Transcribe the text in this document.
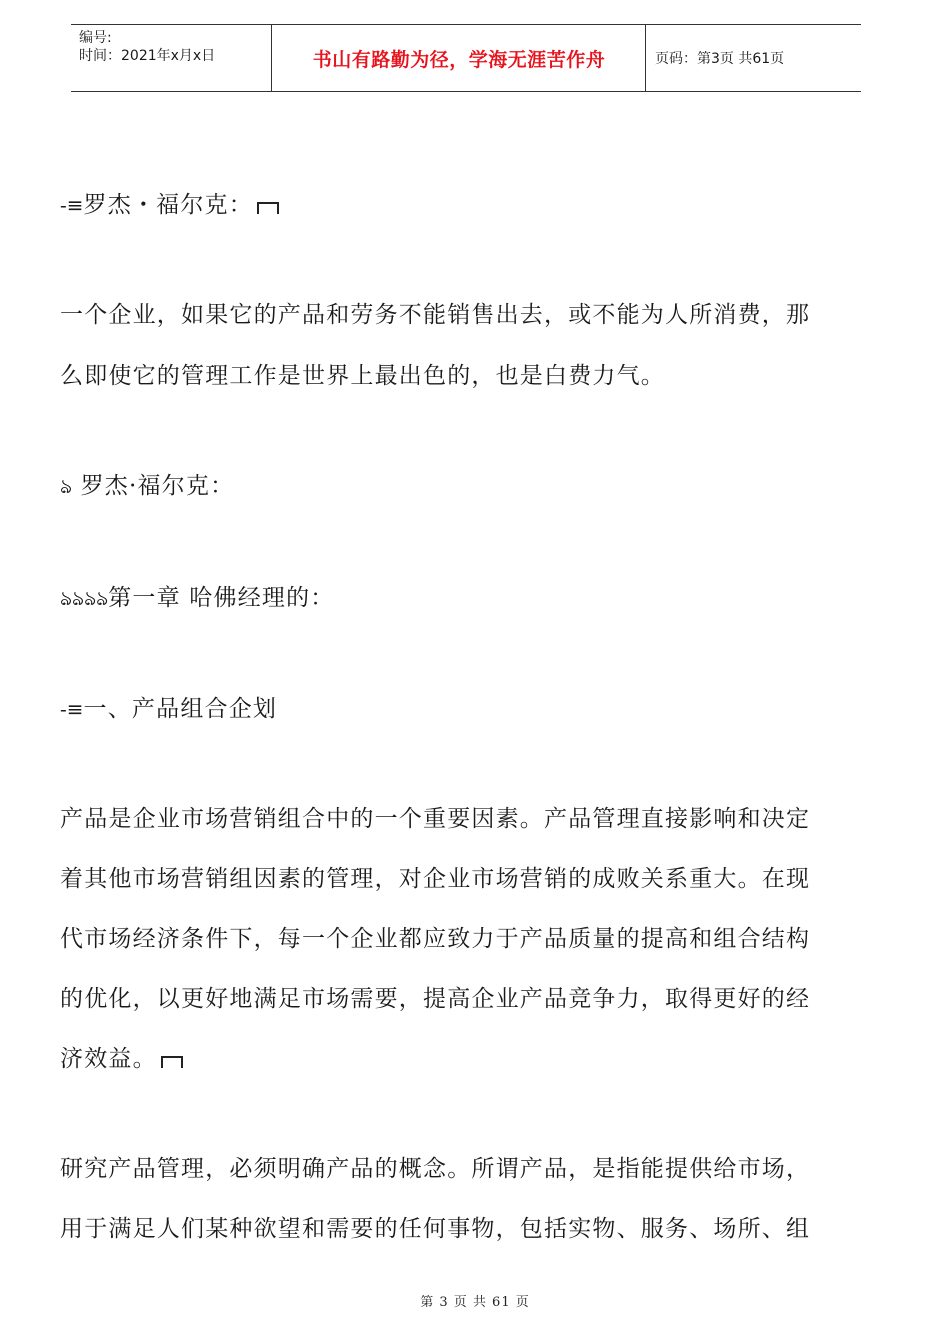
编号:
时间：2021年x月x日	书山有路勤为径，学海无涯苦作舟	页码：第3页 共61页
-≡罗杰・福尔克：
一个企业，如果它的产品和劳务不能销售出去，或不能为人所消费，那
么即使它的管理工作是世界上最出色的，也是白费力气。
ঌ 罗杰·福尔克：
ঌঌঌঌ第一章 哈佛经理的：
-≡一、产品组合企划
产品是企业市场营销组合中的一个重要因素。产品管理直接影响和决定
着其他市场营销组因素的管理，对企业市场营销的成败关系重大。在现
代市场经济条件下，每一个企业都应致力于产品质量的提高和组合结构
的优化，以更好地满足市场需要，提高企业产品竞争力，取得更好的经
济效益。
研究产品管理，必须明确产品的概念。所谓产品，是指能提供给市场，
用于满足人们某种欲望和需要的任何事物，包括实物、服务、场所、组
第 3 页 共 61 页
